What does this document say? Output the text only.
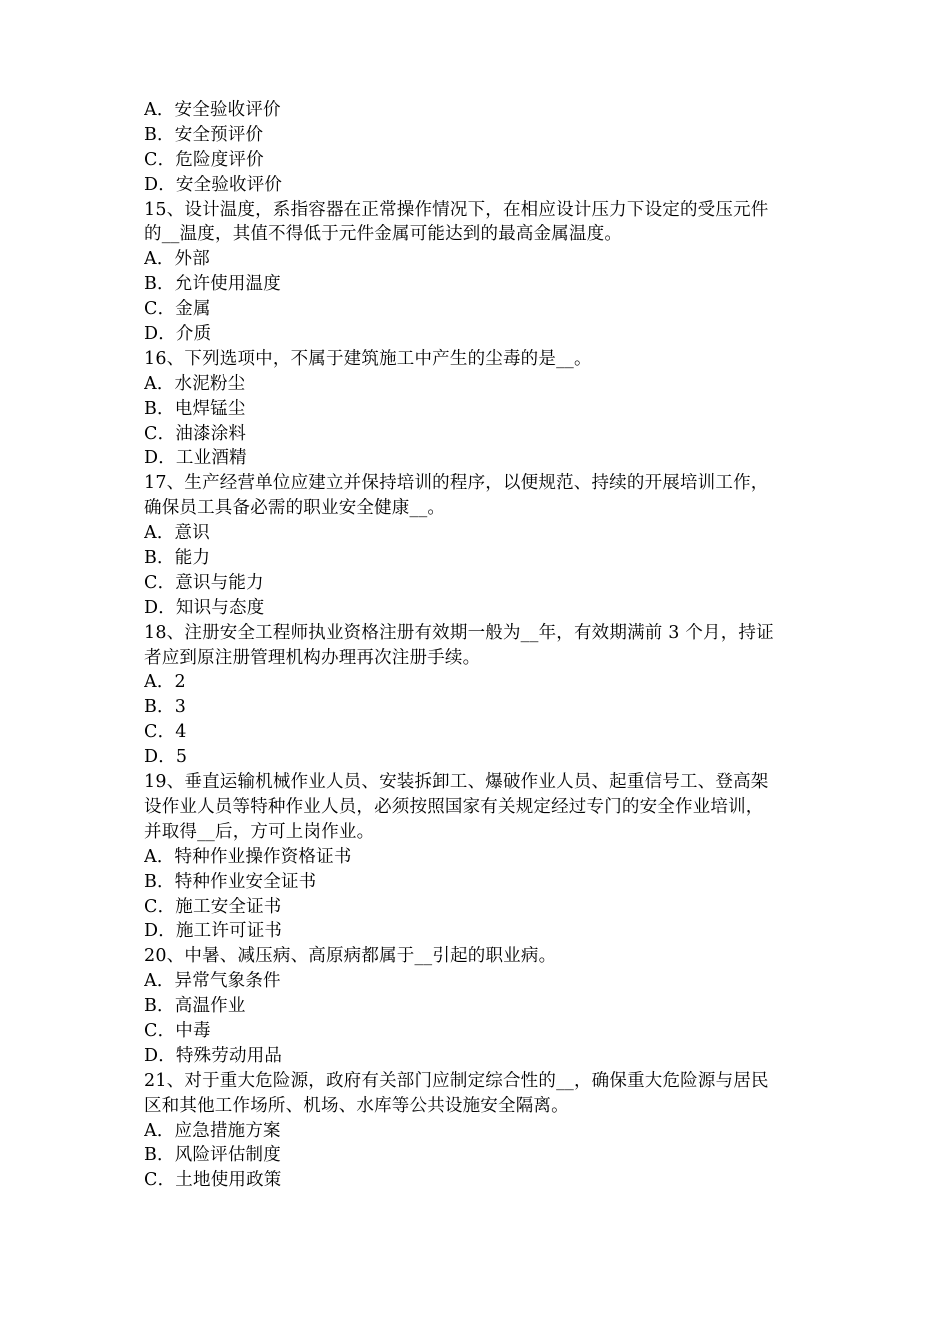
A．安全验收评价
B．安全预评价
C．危险度评价
D．安全验收评价
15、设计温度，系指容器在正常操作情况下，在相应设计压力下设定的受压元件
的__温度，其值不得低于元件金属可能达到的最高金属温度。
A．外部
B．允许使用温度
C．金属
D．介质
16、下列选项中，不属于建筑施工中产生的尘毒的是__。
A．水泥粉尘
B．电焊锰尘
C．油漆涂料
D．工业酒精
17、生产经营单位应建立并保持培训的程序，以便规范、持续的开展培训工作，
确保员工具备必需的职业安全健康__。
A．意识
B．能力
C．意识与能力
D．知识与态度
18、注册安全工程师执业资格注册有效期一般为__年，有效期满前 3 个月，持证
者应到原注册管理机构办理再次注册手续。
A．2
B．3
C．4
D．5
19、垂直运输机械作业人员、安装拆卸工、爆破作业人员、起重信号工、登高架
设作业人员等特种作业人员，必须按照国家有关规定经过专门的安全作业培训，
并取得__后，方可上岗作业。
A．特种作业操作资格证书
B．特种作业安全证书
C．施工安全证书
D．施工许可证书
20、中暑、减压病、高原病都属于__引起的职业病。
A．异常气象条件
B．高温作业
C．中毒
D．特殊劳动用品
21、对于重大危险源，政府有关部门应制定综合性的__，确保重大危险源与居民
区和其他工作场所、机场、水库等公共设施安全隔离。
A．应急措施方案
B．风险评估制度
C．土地使用政策
